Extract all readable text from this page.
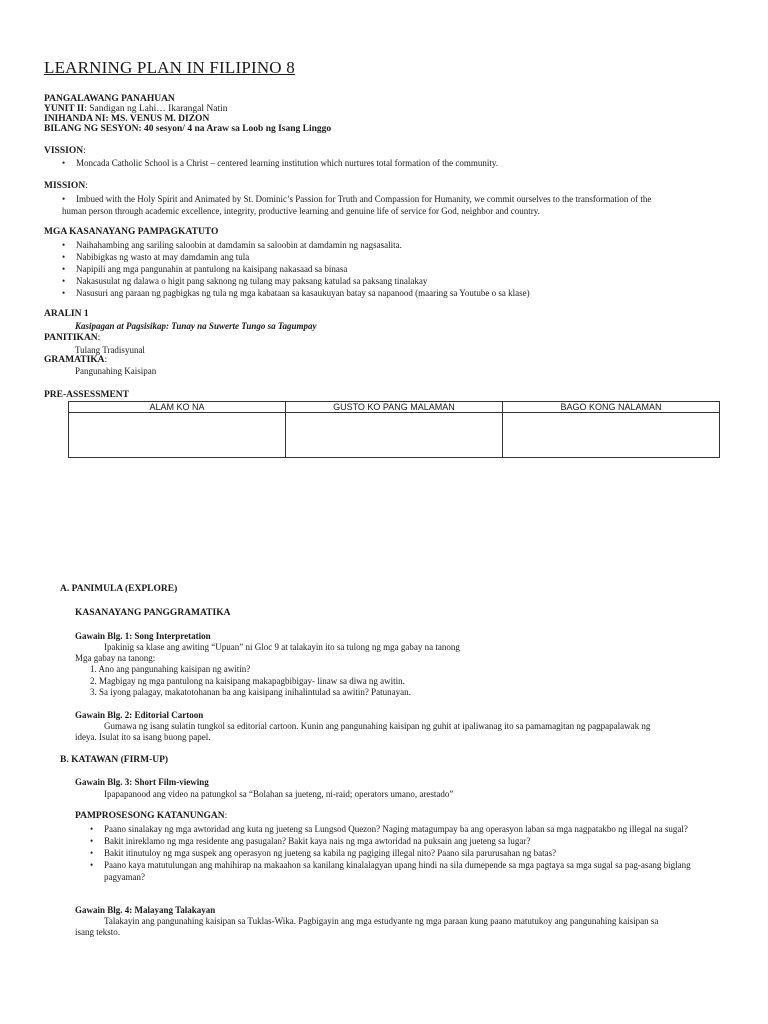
LEARNING PLAN IN FILIPINO 8
PANGALAWANG PANAHUAN
YUNIT II: Sandigan ng Lahi… Ikarangal Natin
INIHANDA NI: MS. VENUS M. DIZON
BILANG NG SESYON: 40 sesyon/ 4 na Araw sa Loob ng Isang Linggo
VISSION:
• Moncada Catholic School is a Christ – centered learning institution which nurtures total formation of the community.
MISSION:
• Imbued with the Holy Spirit and Animated by St. Dominic’s Passion for Truth and Compassion for Humanity, we commit ourselves to the transformation of the
human person through academic excellence, integrity, productive learning and genuine life of service for God, neighbor and country.
MGA KASANAYANG PAMPAGKATUTO
• Naihahambing ang sariling saloobin at damdamin sa saloobin at damdamin ng nagsasalita.
• Nabibigkas ng wasto at may damdamin ang tula
• Napipili ang mga pangunahin at pantulong na kaisipang nakasaad sa binasa
• Nakasusulat ng dalawa o higit pang saknong ng tulang may paksang katulad sa paksang tinalakay
• Nasusuri ang paraan ng pagbigkas ng tula ng mga kabataan sa kasaukuyan batay sa napanood (maaring sa Youtube o sa klase)
ARALIN 1
Kasipagan at Pagsisikap: Tunay na Suwerte Tungo sa Tagumpay
PANITIKAN:
Tulang Tradisyunal
GRAMATIKA:
Pangunahing Kaisipan
PRE-ASSESSMENT
ALAM KO NA	GUSTO KO PANG MALAMAN	BAGO KONG NALAMAN

A. PANIMULA (EXPLORE)
KASANAYANG PANGGRAMATIKA
Gawain Blg. 1: Song Interpretation
Ipakinig sa klase ang awiting “Upuan” ni Gloc 9 at talakayin ito sa tulong ng mga gabay na tanong
Mga gabay na tanong:
1. Ano ang pangunahing kaisipan ng awitin?
2. Magbigay ng mga pantulong na kaisipang makapagbibigay- linaw sa diwa ng awitin.
3. Sa iyong palagay, makatotohanan ba ang kaisipang inihalintulad sa awitin? Patunayan.
Gawain Blg. 2: Editorial Cartoon
Gumawa ng isang sulatin tungkol sa editorial cartoon. Kunin ang pangunahing kaisipan ng guhit at ipaliwanag ito sa pamamagitan ng pagpapalawak ng
ideya. Isulat ito sa isang buong papel.
B. KATAWAN (FIRM-UP)
Gawain Blg. 3: Short Film-viewing
Ipapapanood ang video na patungkol sa “Bolahan sa jueteng, ni-raid; operators umano, arestado”
PAMPROSESONG KATANUNGAN:
• Paano sinalakay ng mga awtoridad ang kuta ng jueteng sa Lungsod Quezon? Naging matagumpay ba ang operasyon laban sa mga nagpatakbo ng illegal na sugal?
• Bakit inireklamo ng mga residente ang pasugalan? Bakit kaya nais ng mga awtoridad na puksain ang jueteng sa lugar?
• Bakit itinutuloy ng mga suspek ang operasyon ng jueteng sa kabila ng pagiging illegal nito? Paano sila parurusahan ng batas?
• Paano kaya matutulungan ang mahihirap na makaahon sa kanilang kinalalagyan upang hindi na sila dumepende sa mga pagtaya sa mga sugal sa pag-asang biglang pagyaman?
Gawain Blg. 4: Malayang Talakayan
Talakayin ang pangunahing kaisipan sa Tuklas-Wika. Pagbigayin ang mga estudyante ng mga paraan kung paano matutukoy ang pangunahing kaisipan sa
isang teksto.
